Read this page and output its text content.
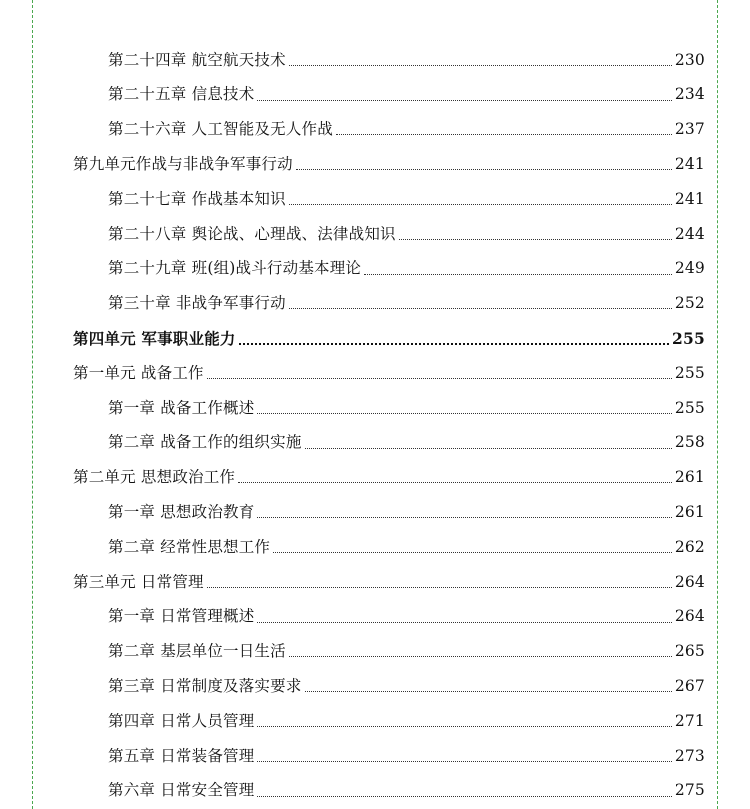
第二十四章 航空航天技术	230
第二十五章 信息技术	234
第二十六章 人工智能及无人作战	237
第九单元作战与非战争军事行动	241
第二十七章 作战基本知识	241
第二十八章 舆论战、心理战、法律战知识	244
第二十九章 班(组)战斗行动基本理论	249
第三十章 非战争军事行动	252
第四单元 军事职业能力	255
第一单元 战备工作	255
第一章 战备工作概述	255
第二章 战备工作的组织实施	258
第二单元 思想政治工作	261
第一章 思想政治教育	261
第二章 经常性思想工作	262
第三单元 日常管理	264
第一章 日常管理概述	264
第二章 基层单位一日生活	265
第三章 日常制度及落实要求	267
第四章 日常人员管理	271
第五章 日常装备管理	273
第六章 日常安全管理	275
